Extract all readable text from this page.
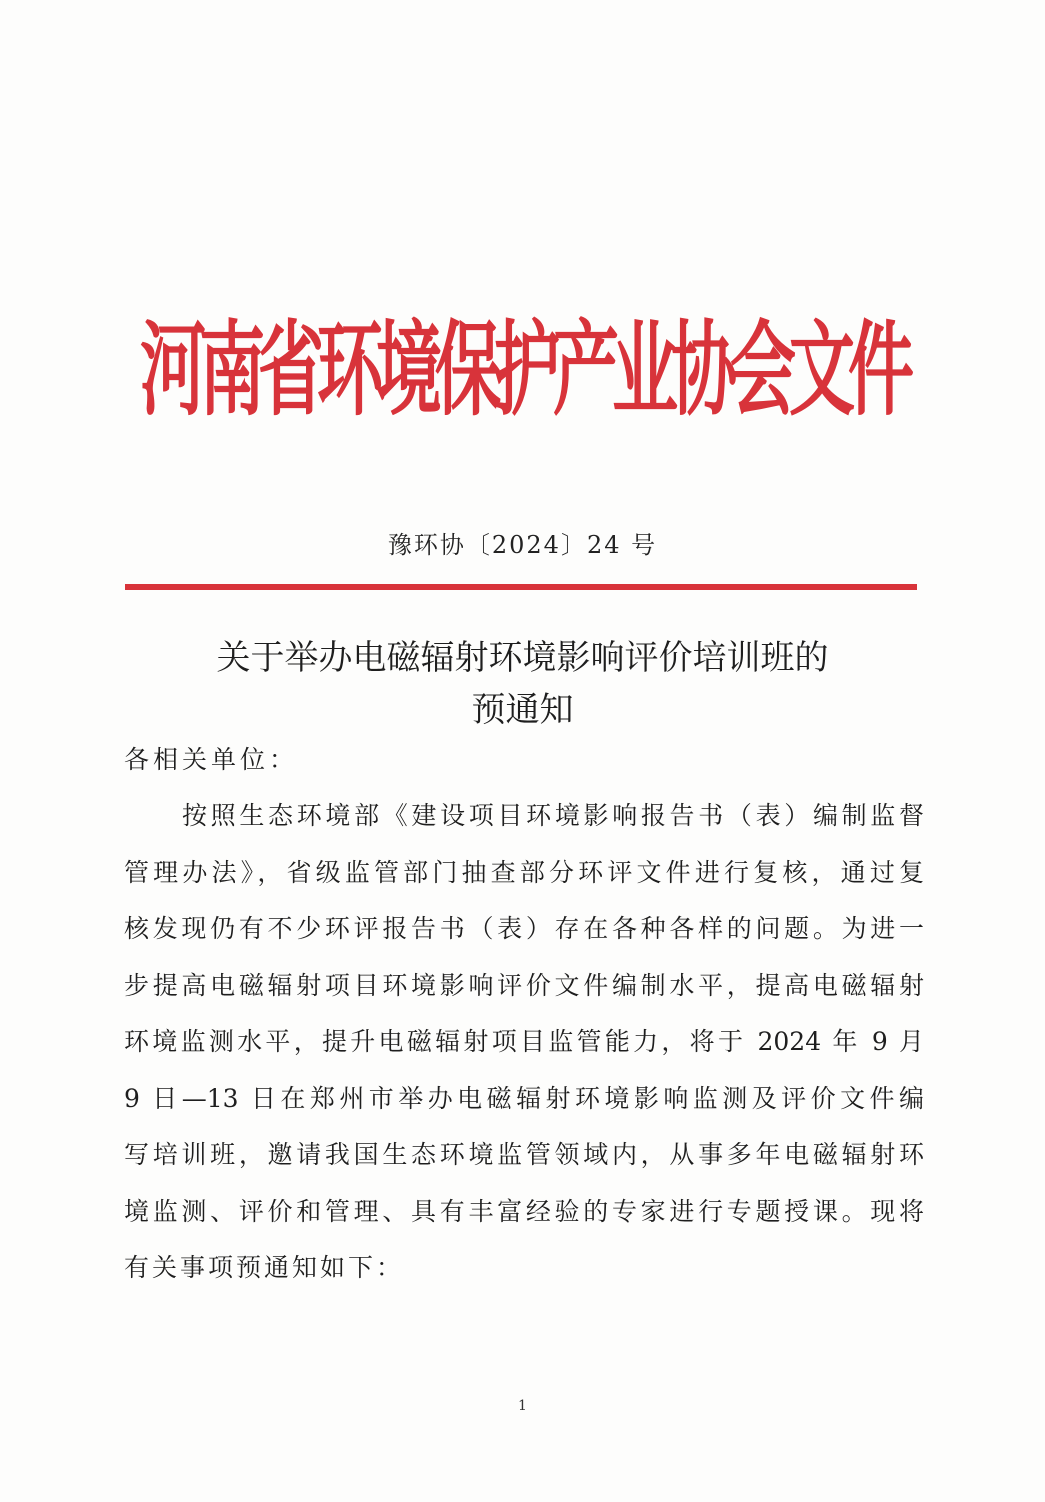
河
南
省
环
境
保
护
产
业
协
会
文
件
豫环协〔2024〕24 号
关于举办电磁辐射环境影响评价培训班的
预通知
各相关单位：
按照生态环境部《建设项目环境影响报告书（表）编制监督
管理办法》，省级监管部门抽查部分环评文件进行复核，通过复
核发现仍有不少环评报告书（表）存在各种各样的问题。为进一
步提高电磁辐射项目环境影响评价文件编制水平，提高电磁辐射
环境监测水平，提升电磁辐射项目监管能力，将于 2024 年 9 月
9 日—13 日在郑州市举办电磁辐射环境影响监测及评价文件编
写培训班，邀请我国生态环境监管领域内，从事多年电磁辐射环
境监测、评价和管理、具有丰富经验的专家进行专题授课。现将
有关事项预通知如下：
1
